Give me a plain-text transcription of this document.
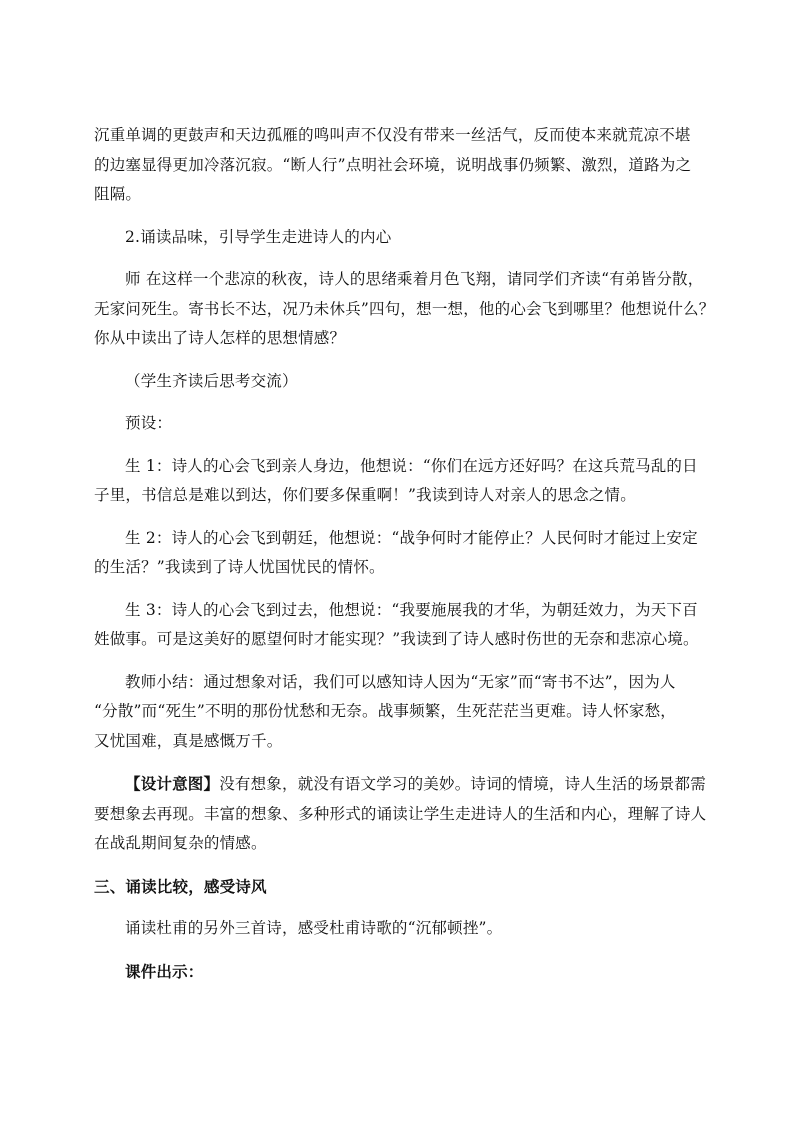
沉重单调的更鼓声和天边孤雁的鸣叫声不仅没有带来一丝活气，反而使本来就荒凉不堪
的边塞显得更加冷落沉寂。“断人行”点明社会环境，说明战事仍频繁、激烈，道路为之
阻隔。

2.诵读品味，引导学生走进诗人的内心

师 在这样一个悲凉的秋夜，诗人的思绪乘着月色飞翔，请同学们齐读“有弟皆分散，
无家问死生。寄书长不达，况乃未休兵”四句，想一想，他的心会飞到哪里？他想说什么？
你从中读出了诗人怎样的思想情感？

（学生齐读后思考交流）

预设：

生 1：诗人的心会飞到亲人身边，他想说：“你们在远方还好吗？在这兵荒马乱的日
子里，书信总是难以到达，你们要多保重啊！”我读到诗人对亲人的思念之情。

生 2：诗人的心会飞到朝廷，他想说：“战争何时才能停止？人民何时才能过上安定
的生活？”我读到了诗人忧国忧民的情怀。

生 3：诗人的心会飞到过去，他想说：“我要施展我的才华，为朝廷效力，为天下百
姓做事。可是这美好的愿望何时才能实现？”我读到了诗人感时伤世的无奈和悲凉心境。

教师小结：通过想象对话，我们可以感知诗人因为“无家”而“寄书不达”，因为人
“分散”而“死生”不明的那份忧愁和无奈。战事频繁，生死茫茫当更难。诗人怀家愁，
又忧国难，真是感慨万千。

【设计意图】没有想象，就没有语文学习的美妙。诗词的情境，诗人生活的场景都需
要想象去再现。丰富的想象、多种形式的诵读让学生走进诗人的生活和内心，理解了诗人
在战乱期间复杂的情感。

三、诵读比较，感受诗风

诵读杜甫的另外三首诗，感受杜甫诗歌的“沉郁顿挫”。

课件出示：
